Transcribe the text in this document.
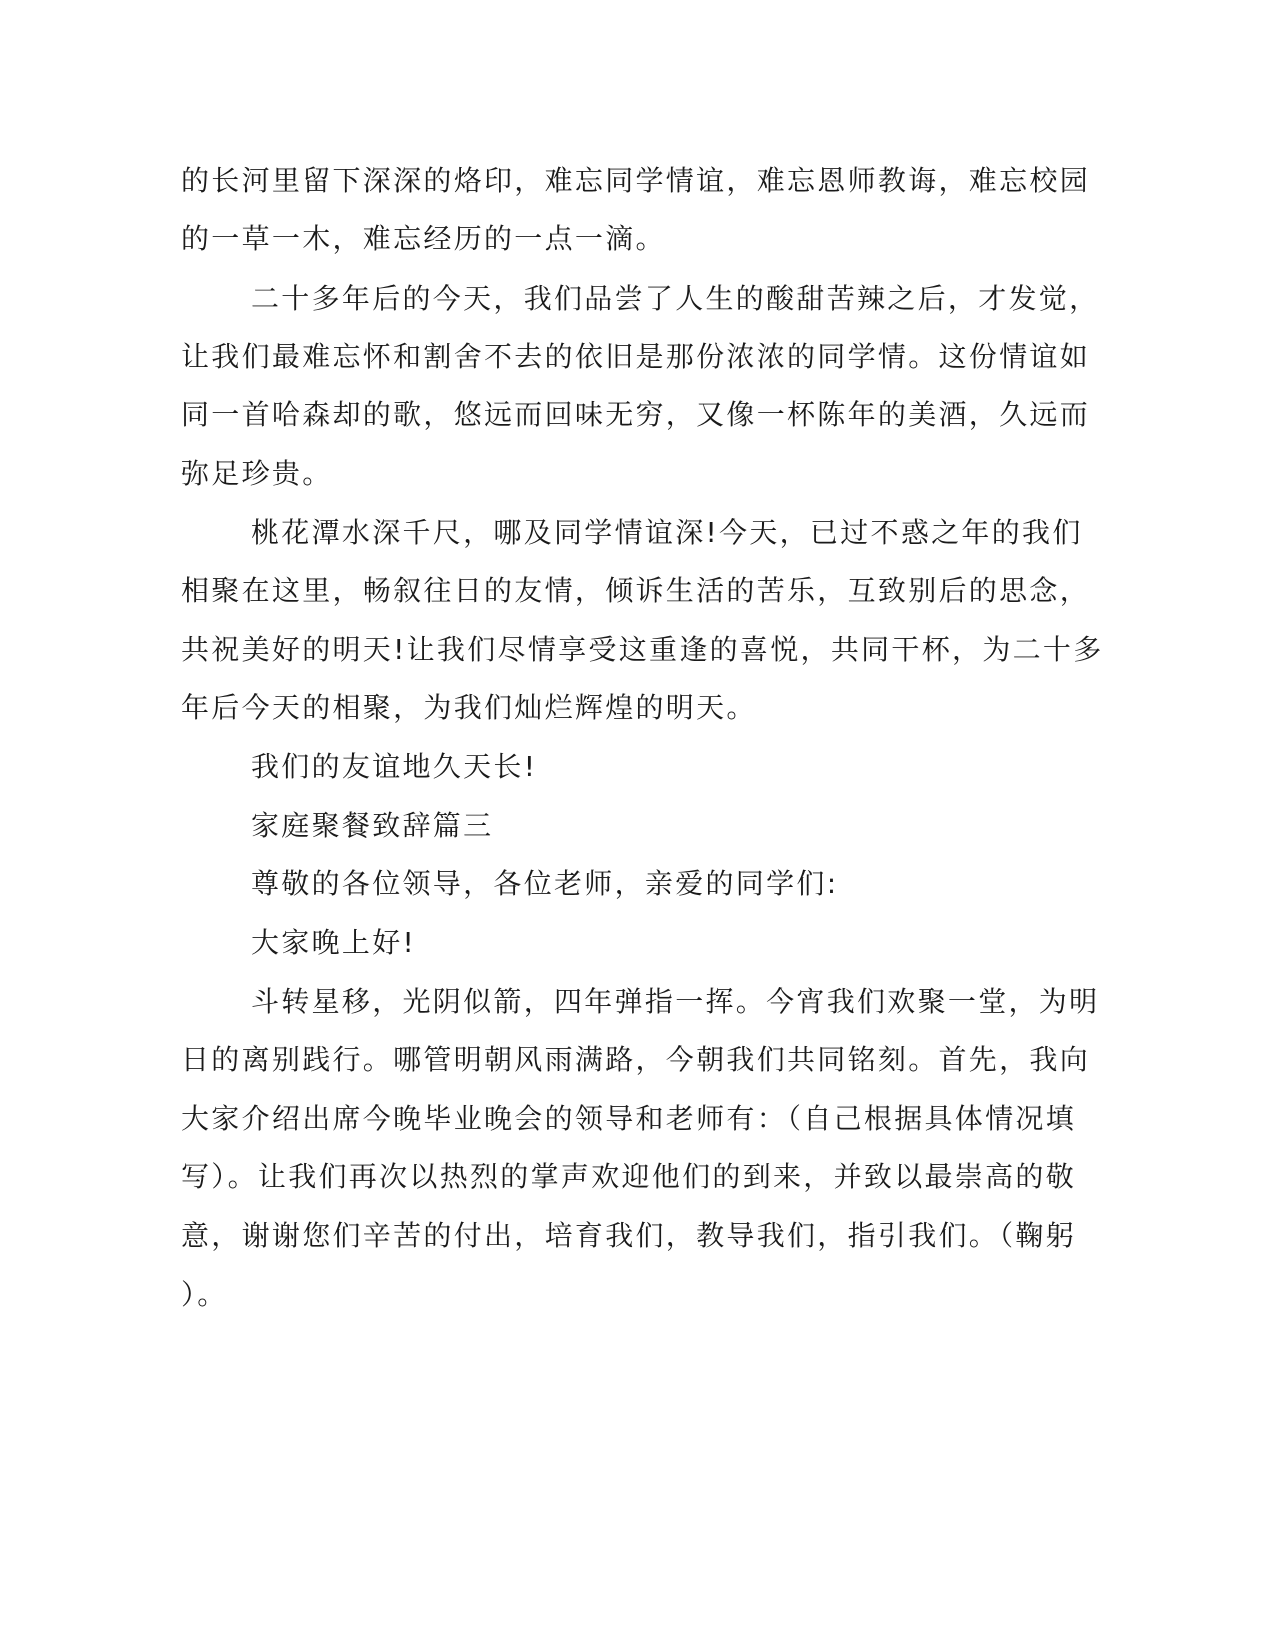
的长河里留下深深的烙印，难忘同学情谊，难忘恩师教诲，难忘校园
的一草一木，难忘经历的一点一滴。
二十多年后的今天，我们品尝了人生的酸甜苦辣之后，才发觉，
让我们最难忘怀和割舍不去的依旧是那份浓浓的同学情。这份情谊如
同一首哈森却的歌，悠远而回味无穷，又像一杯陈年的美酒，久远而
弥足珍贵。
桃花潭水深千尺，哪及同学情谊深!今天，已过不惑之年的我们
相聚在这里，畅叙往日的友情，倾诉生活的苦乐，互致别后的思念，
共祝美好的明天!让我们尽情享受这重逢的喜悦，共同干杯，为二十多
年后今天的相聚，为我们灿烂辉煌的明天。
我们的友谊地久天长!
家庭聚餐致辞篇三
尊敬的各位领导，各位老师，亲爱的同学们:
大家晚上好!
斗转星移，光阴似箭，四年弹指一挥。今宵我们欢聚一堂，为明
日的离别践行。哪管明朝风雨满路，今朝我们共同铭刻。首先，我向
大家介绍出席今晚毕业晚会的领导和老师有：（自己根据具体情况填
写）。让我们再次以热烈的掌声欢迎他们的到来，并致以最崇高的敬
意，谢谢您们辛苦的付出，培育我们，教导我们，指引我们。（鞠躬
）。
